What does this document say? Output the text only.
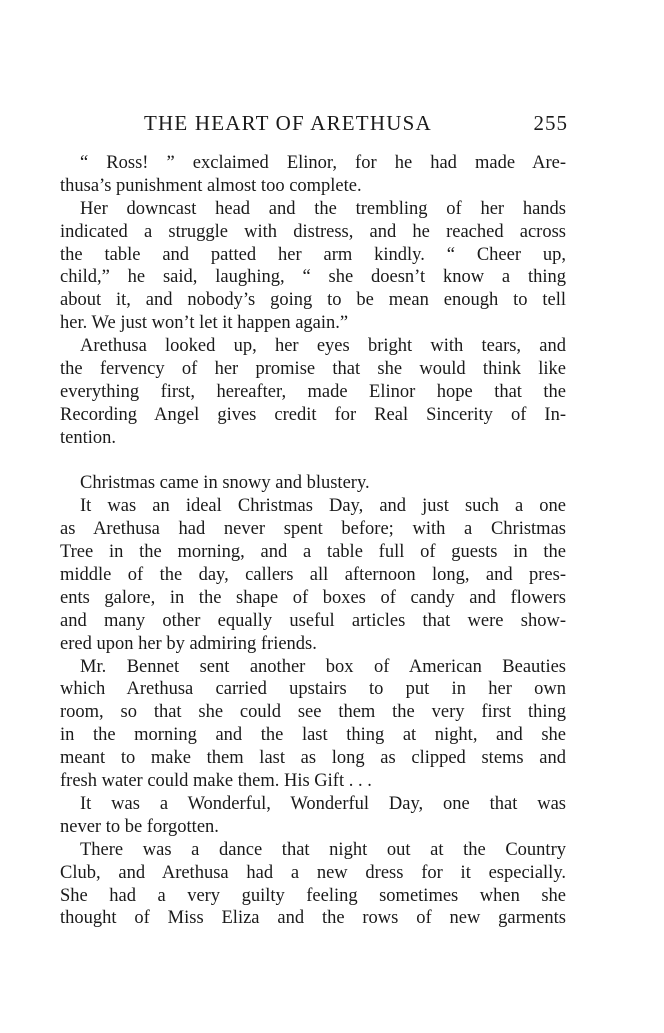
THE HEART OF ARETHUSA	255
“ Ross! ” exclaimed Elinor, for he had made Are-
thusa’s punishment almost too complete.
Her downcast head and the trembling of her hands
indicated a struggle with distress, and he reached across
the table and patted her arm kindly. “ Cheer up,
child,” he said, laughing, “ she doesn’t know a thing
about it, and nobody’s going to be mean enough to tell
her. We just won’t let it happen again.”
Arethusa looked up, her eyes bright with tears, and
the fervency of her promise that she would think like
everything first, hereafter, made Elinor hope that the
Recording Angel gives credit for Real Sincerity of In-
tention.
Christmas came in snowy and blustery.
It was an ideal Christmas Day, and just such a one
as Arethusa had never spent before; with a Christmas
Tree in the morning, and a table full of guests in the
middle of the day, callers all afternoon long, and pres-
ents galore, in the shape of boxes of candy and flowers
and many other equally useful articles that were show-
ered upon her by admiring friends.
Mr. Bennet sent another box of American Beauties
which Arethusa carried upstairs to put in her own
room, so that she could see them the very first thing
in the morning and the last thing at night, and she
meant to make them last as long as clipped stems and
fresh water could make them. His Gift . . .
It was a Wonderful, Wonderful Day, one that was
never to be forgotten.
There was a dance that night out at the Country
Club, and Arethusa had a new dress for it especially.
She had a very guilty feeling sometimes when she
thought of Miss Eliza and the rows of new garments
